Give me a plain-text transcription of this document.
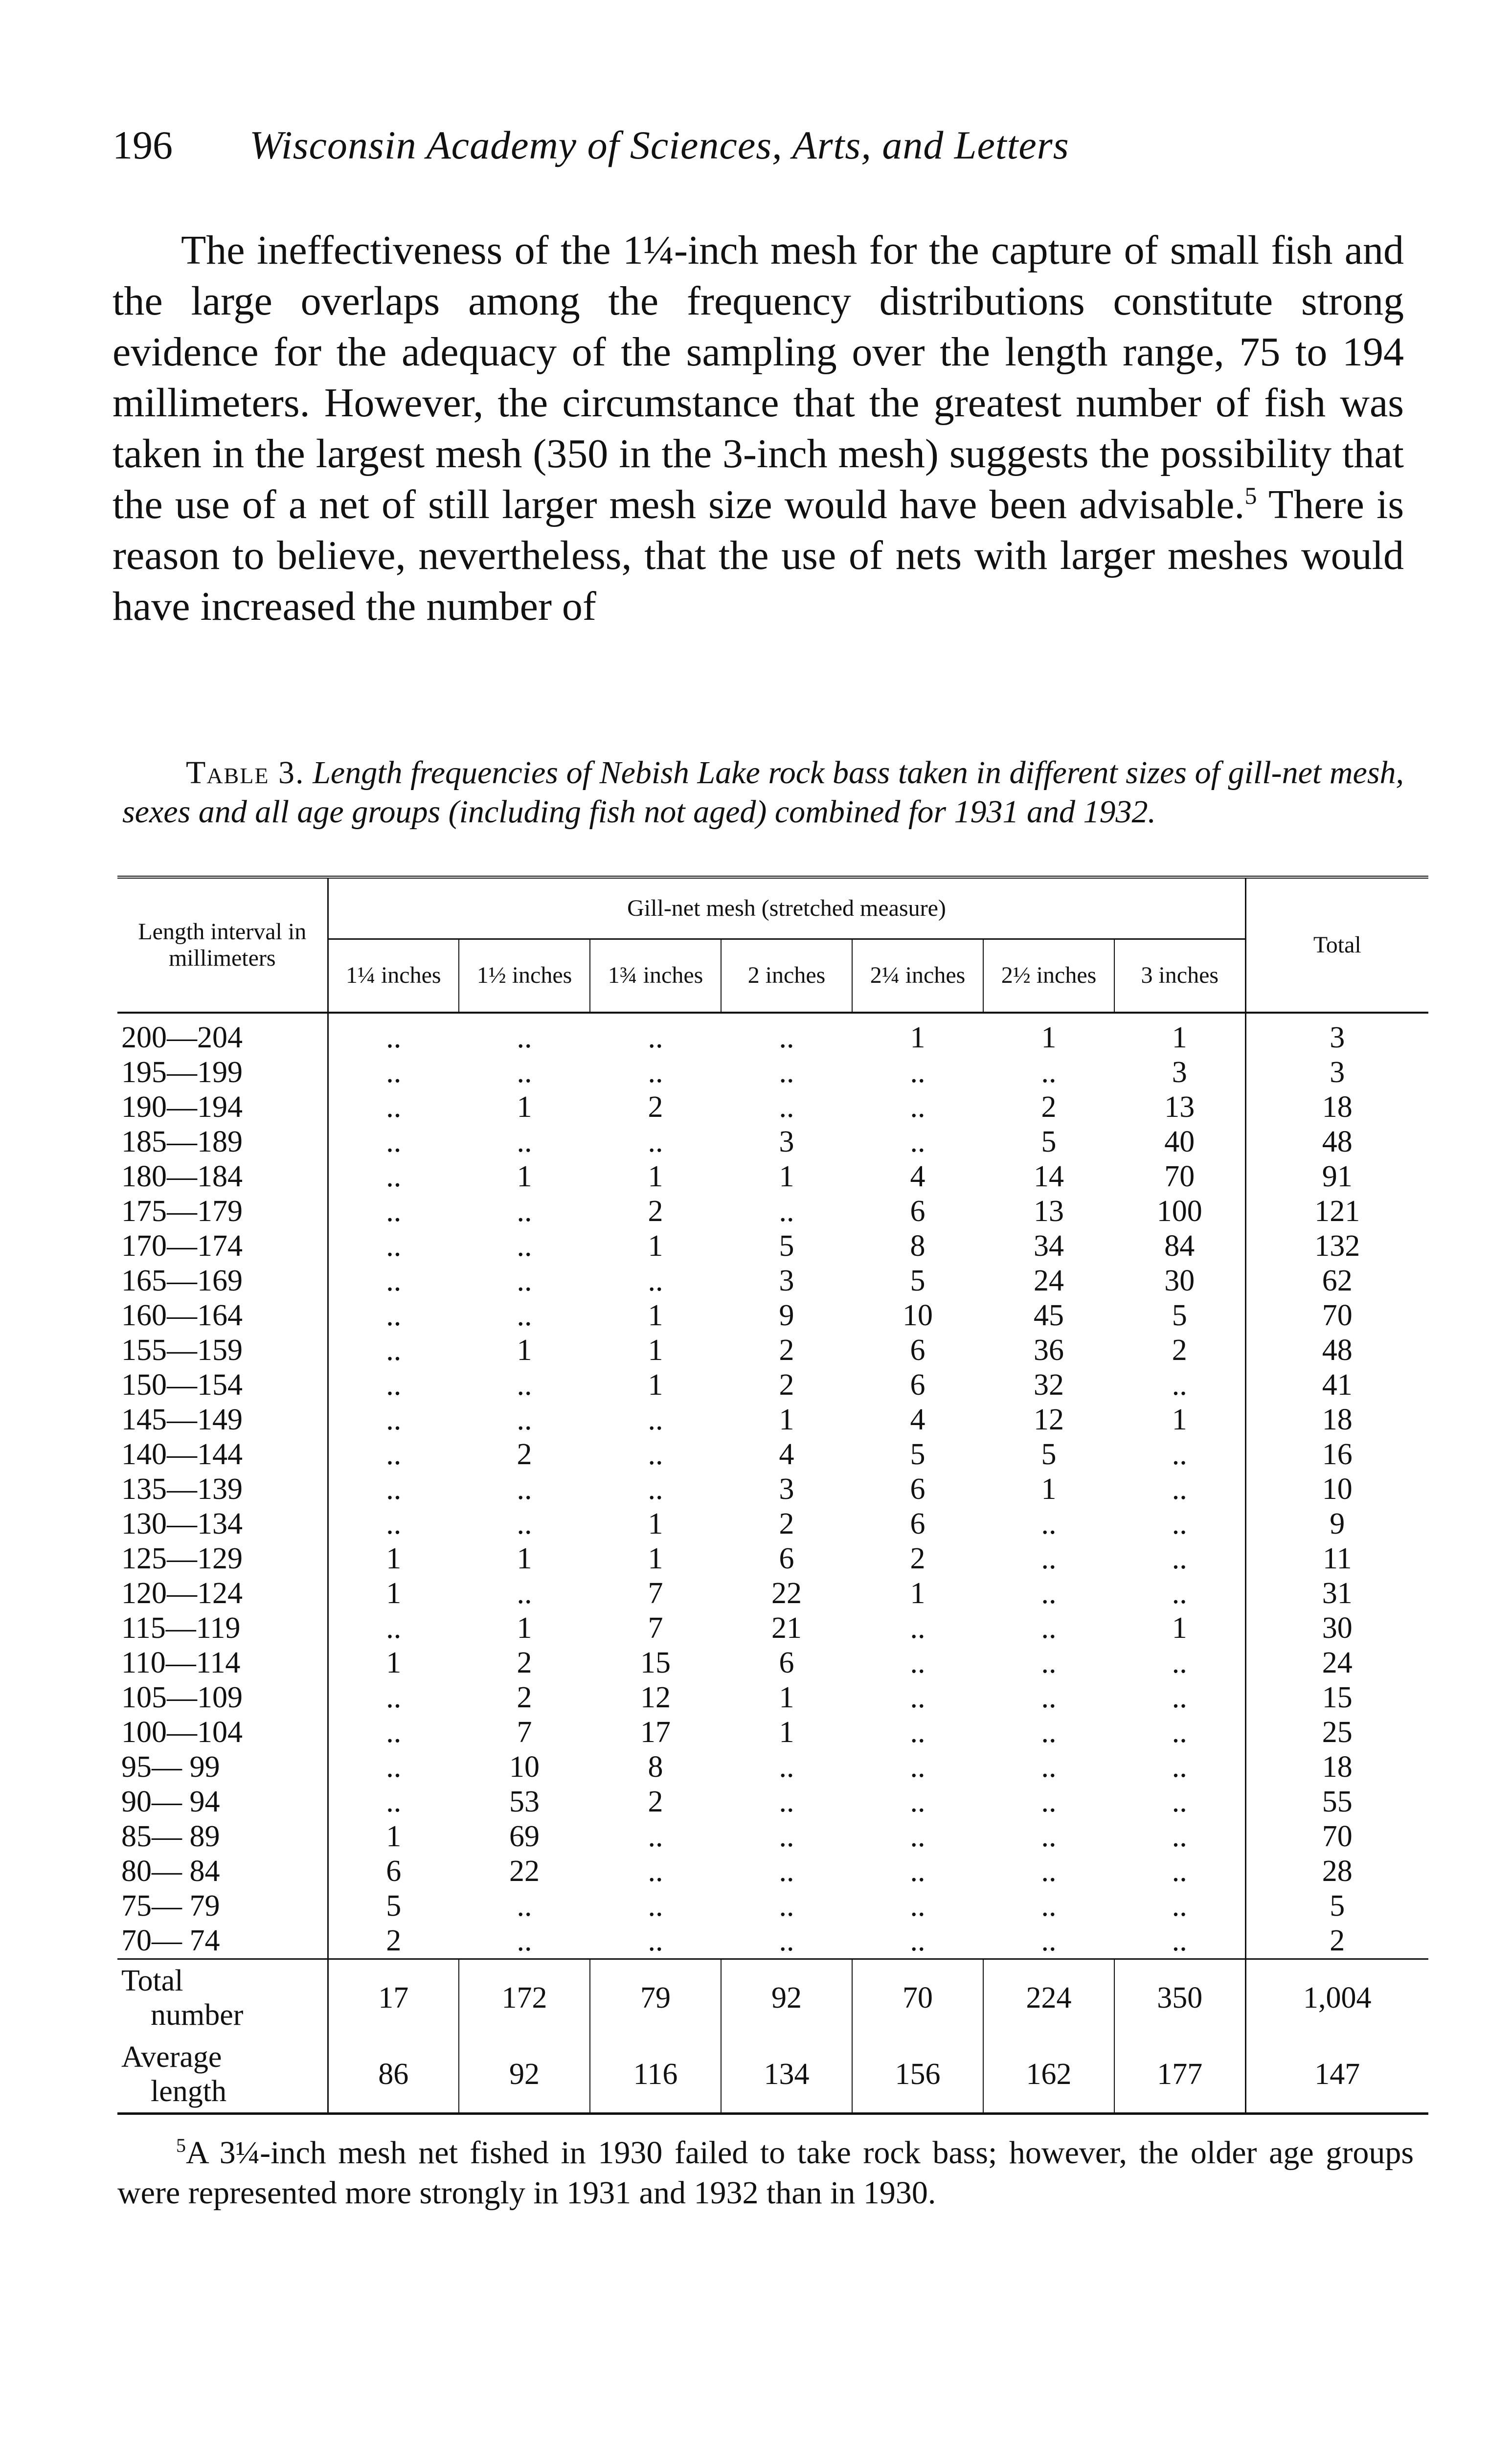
196 Wisconsin Academy of Sciences, Arts, and Letters

The ineffectiveness of the 1¼-inch mesh for the capture of small fish and the large overlaps among the frequency distributions constitute strong evidence for the adequacy of the sampling over the length range, 75 to 194 millimeters. However, the circumstance that the greatest number of fish was taken in the largest mesh (350 in the 3-inch mesh) suggests the possibility that the use of a net of still larger mesh size would have been advisable.$^5$ There is reason to believe, nevertheless, that the use of nets with larger meshes would have increased the number of

Table 3. Length frequencies of Nebish Lake rock bass taken in different sizes of gill-net mesh, sexes and all age groups (including fish not aged) combined for 1931 and 1932.

Length interval in millimeters	Gill-net mesh (stretched measure)							Total
	1¼ inches	1½ inches	1¾ inches	2 inches	2¼ inches	2½ inches	3 inches	
200—204	..	..	..	..	1	1	1	3
195—199	..	..	..	..	..	..	3	3
190—194	..	1	2	..	..	2	13	18
185—189	..	..	..	3	..	5	40	48
180—184	..	1	1	1	4	14	70	91
175—179	..	..	2	..	6	13	100	121
170—174	..	..	1	5	8	34	84	132
165—169	..	..	..	3	5	24	30	62
160—164	..	..	1	9	10	45	5	70
155—159	..	1	1	2	6	36	2	48
150—154	..	..	1	2	6	32	..	41
145—149	..	..	..	1	4	12	1	18
140—144	..	2	..	4	5	5	..	16
135—139	..	..	..	3	6	1	..	10
130—134	..	..	1	2	6	..	..	9
125—129	1	1	1	6	2	..	..	11
120—124	1	..	7	22	1	..	..	31
115—119	..	1	7	21	..	..	1	30
110—114	1	2	15	6	..	..	..	24
105—109	..	2	12	1	..	..	..	15
100—104	..	7	17	1	..	..	..	25
95— 99	..	10	8	..	..	..	..	18
90— 94	..	53	2	..	..	..	..	55
85— 89	1	69	..	..	..	..	..	70
80— 84	6	22	..	..	..	..	..	28
75— 79	5	..	..	..	..	..	..	5
70— 74	2	..	..	..	..	..	..	2
Total
number	17	172	79	92	70	224	350	1,004
Average
length	86	92	116	134	156	162	177	147

$^5$A 3¼-inch mesh net fished in 1930 failed to take rock bass; however, the older age groups were represented more strongly in 1931 and 1932 than in 1930.
